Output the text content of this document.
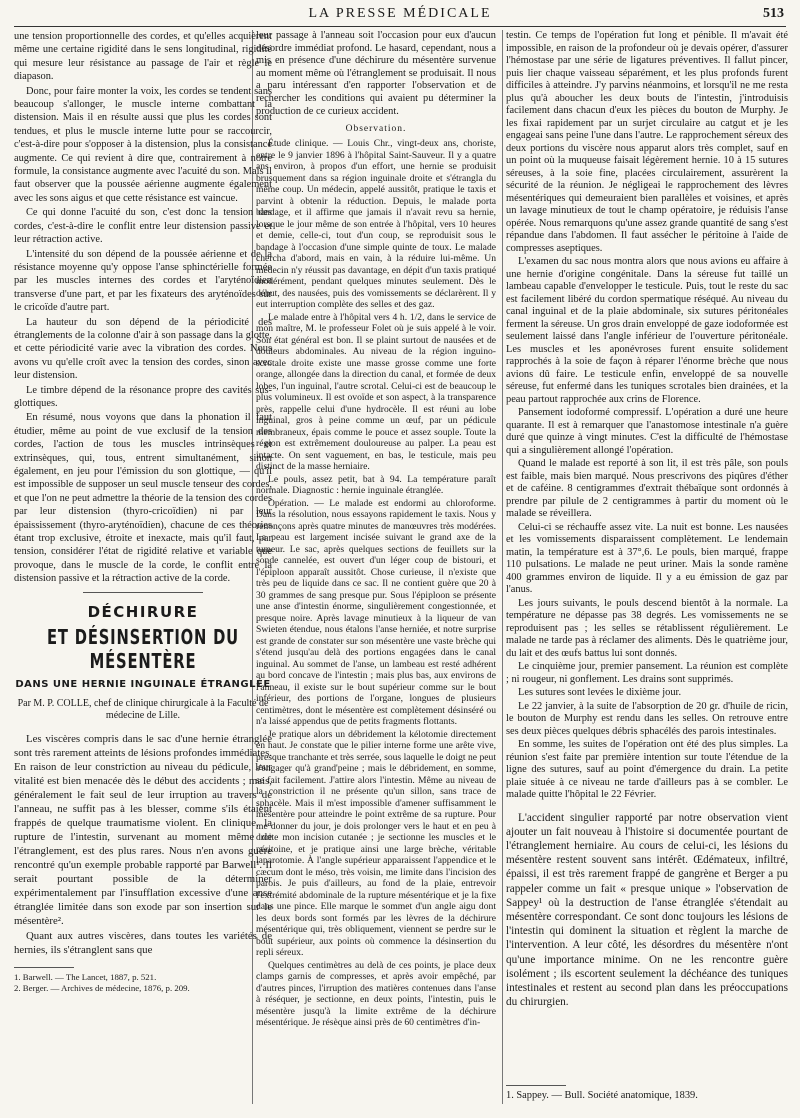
LA PRESSE MÉDICALE	513

une tension proportionnelle des cordes, et qu'elles acquièrent même une certaine rigidité dans le sens longitudinal, rigidité qui mesure leur résistance au passage de l'air et règle le diapason.

Donc, pour faire monter la voix, les cordes se tendent sans beaucoup s'allonger, le muscle interne combattant la distension. Mais il en résulte aussi que plus les cordes sont tendues, et plus le muscle interne lutte pour se raccourcir, c'est-à-dire pour s'opposer à la distension, plus la consistance augmente. Ce qui revient à dire que, contrairement à notre formule, la consistance augmente avec l'acuité du son. Mais il faut observer que la poussée aérienne augmente également avec les sons aigus et que cette résistance est vaincue.

Ce qui donne l'acuité du son, c'est donc la tension des cordes, c'est-à-dire le conflit entre leur distension passive et leur rétraction active.

L'intensité du son dépend de la poussée aérienne et de la résistance moyenne qu'y oppose l'anse sphinctérielle formée par les muscles internes des cordes et l'aryténoïdien transverse d'une part, et par les fixateurs des aryténoïdes sur le cricoïde d'autre part.

La hauteur du son dépend de la périodicité des étranglements de la colonne d'air à son passage dans la glotte, et cette périodicité varie avec la vibration des cordes. Nous avons vu qu'elle croît avec la tension des cordes, sinon avec leur distension.

Le timbre dépend de la résonance propre des cavités sus-glottiques.

En résumé, nous voyons que dans la phonation il faut étudier, même au point de vue exclusif de la tension des cordes, l'action de tous les muscles intrinsèques et extrinsèques, qui, tous, entrent simultanément, sinon également, en jeu pour l'émission du son glottique, — qu'il est impossible de supposer un seul muscle tenseur des cordes, et que l'on ne peut admettre la théorie de la tension des cordes par leur distension (thyro-cricoïdien) ni par leur épaississement (thyro-aryténoïdien), chacune de ces théories étant trop exclusive, étroite et inexacte, mais qu'il faut, par tension, considérer l'état de rigidité relative et variable que provoque, dans le muscle de la corde, le conflit entre la distension passive et la rétraction active de la corde.

DÉCHIRURE
ET DÉSINSERTION DU MÉSENTÈRE
DANS UNE HERNIE INGUINALE ÉTRANGLÉE
Par M. P. COLLE, chef de clinique chirurgicale à la Faculté de médecine de Lille.

Les viscères compris dans le sac d'une hernie étranglée sont très rarement atteints de lésions profondes immédiates. En raison de leur constriction au niveau du pédicule, leur vitalité est bien menacée dès le début des accidents ; mais, généralement le fait seul de leur irruption au travers de l'anneau, ne suffit pas à les blesser, comme s'ils étaient frappés de quelque traumatisme violent. En clinique, la rupture de l'intestin, survenant au moment même de l'étranglement, est des plus rares. Nous n'en avons guère rencontré qu'un exemple probable rapporté par Barwell¹. Il serait pourtant possible de la déterminer expérimentalement par l'insufflation excessive d'une anse étranglée limitée dans son exode par son insertion sur le mésentère².

Quant aux autres viscères, dans toutes les variétés de hernies, ils s'étranglent sans que

1. Barwell. — The Lancet, 1887, p. 521.

2. Berger. — Archives de médecine, 1876, p. 209.

leur passage à l'anneau soit l'occasion pour eux d'aucun désordre immédiat profond. Le hasard, cependant, nous a mis en présence d'une déchirure du mésentère survenue au moment même où l'étranglement se produisait. Il nous a paru intéressant d'en rapporter l'observation et de rechercher les conditions qui avaient pu déterminer la production de ce curieux accident.

Observation.

Étude clinique. — Louis Chr., vingt-deux ans, choriste, entre le 9 janvier 1896 à l'hôpital Saint-Sauveur. Il y a quatre ans environ, à propos d'un effort, une hernie se produisit brusquement dans sa région inguinale droite et s'étrangla du même coup. Un médecin, appelé aussitôt, pratique le taxis et parvint à obtenir la réduction. Depuis, le malade porta bandage, et il affirme que jamais il n'avait revu sa hernie, lorsque le jour même de son entrée à l'hôpital, vers 10 heures et demie, celle-ci, tout d'un coup, se reproduisit sous le bandage à l'occasion d'une simple quinte de toux. Le malade chercha d'abord, mais en vain, à la réduire lui-même. Un médecin n'y réussit pas davantage, en dépit d'un taxis pratiqué modérément, pendant quelques minutes seulement. Dès le début, des nausées, puis des vomissements se déclarèrent. Il y eut interruption complète des selles et des gaz.

Le malade entre à l'hôpital vers 4 h. 1/2, dans le service de mon maître, M. le professeur Folet où je suis appelé à le voir. Son état général est bon. Il se plaint surtout de nausées et de douleurs abdominales. Au niveau de la région inguino-scrotale droite existe une masse grosse comme une forte orange, allongée dans la direction du canal, et formée de deux lobes, l'un inguinal, l'autre scrotal. Celui-ci est de beaucoup le plus volumineux. Il est ovoïde et son aspect, à la transparence près, rappelle celui d'une hydrocèle. Il est réuni au lobe inguinal, gros à peine comme un œuf, par un pédicule membraneux, épais comme le pouce et assez souple. Toute la région est extrêmement douloureuse au palper. La peau est intacte. On sent vaguement, en bas, le testicule, mais peu distinct de la masse herniaire.

Le pouls, assez petit, bat à 94. La température paraît normale. Diagnostic : hernie inguinale étranglée.

Opération. — Le malade est endormi au chloroforme. Dans la résolution, nous essayons rapidement le taxis. Nous y renonçons après quatre minutes de manœuvres très modérées. La peau est largement incisée suivant le grand axe de la tumeur. Le sac, après quelques sections de feuillets sur la sonde cannelée, est ouvert d'un léger coup de bistouri, et l'épiploon apparaît aussitôt. Chose curieuse, il n'existe que très peu de liquide dans ce sac. Il ne contient guère que 20 à 30 grammes de sang presque pur. Sous l'épiploon se présente une anse d'intestin énorme, singulièrement congestionnée, et presque noire. Après lavage minutieux à la liqueur de van Swieten étendue, nous étalons l'anse herniée, et notre surprise est grande de constater sur son mésentère une vaste brèche qui s'étend jusqu'au delà des portions engagées dans le canal inguinal. Au sommet de l'anse, un lambeau est resté adhérent au bord concave de l'intestin ; mais plus bas, aux environs de l'anneau, il existe sur le bout supérieur comme sur le bout inférieur, des portions de l'organe, longues de plusieurs centimètres, dont le mésentère est complètement désinséré ou n'a laissé appendus que de petits fragments flottants.

Je pratique alors un débridement la kélotomie directement en haut. Je constate que le pilier interne forme une arête vive, presque tranchante et très serrée, sous laquelle le doigt ne peut s'engager qu'à grand'peine ; mais le débridement, en somme, se fait facilement. J'attire alors l'intestin. Même au niveau de la constriction il ne présente qu'un sillon, sans trace de sphacèle. Mais il m'est impossible d'amener suffisamment le mésentère pour atteindre le point extrême de sa rupture. Pour me donner du jour, je dois prolonger vers le haut et en peu à droite mon incision cutanée ; je sectionne les muscles et le péritoine, et je pratique ainsi une large brèche, véritable laparotomie. À l'angle supérieur apparaissent l'appendice et le cæcum dont le méso, très voisin, me limite dans l'incision des parois. Je puis d'ailleurs, au fond de la plaie, entrevoir l'extrémité abdominale de la rupture mésentérique et je la fixe dans une pince. Elle marque le sommet d'un angle aigu dont les deux bords sont formés par les lèvres de la déchirure mésentérique qui, très obliquement, viennent se perdre sur le bout supérieur, aux points où commence la désinsertion du repli séreux.

Quelques centimètres au delà de ces points, je place deux clamps garnis de compresses, et après avoir empêché, par d'autres pinces, l'irruption des matières contenues dans l'anse à réséquer, je sectionne, en deux points, l'intestin, puis le mésentère jusqu'à la limite extrême de la déchirure mésentérique. Je résèque ainsi près de 60 centimètres d'in-

testin. Ce temps de l'opération fut long et pénible. Il m'avait été impossible, en raison de la profondeur où je devais opérer, d'assurer l'hémostase par une série de ligatures préventives. Il fallut pincer, puis lier chaque vaisseau séparément, et les plus profonds furent difficiles à atteindre. J'y parvins néanmoins, et lorsqu'il ne me resta plus qu'à aboucher les deux bouts de l'intestin, j'introduisis facilement dans chacun d'eux les pièces du bouton de Murphy. Je les fixai rapidement par un surjet circulaire au catgut et je les engageai sans peine l'une dans l'autre. Le rapprochement séreux des deux portions du viscère nous apparut alors très complet, sauf en un point où la muqueuse faisait légèrement hernie. 10 à 15 sutures séreuses, à la soie fine, placées circulairement, assurèrent la sécurité de la réunion. Je négligeai le rapprochement des lèvres mésentériques qui demeuraient bien parallèles et voisines, et après un lavage minutieux de tout le champ opératoire, je réduisis l'anse opérée. Nous remarquons qu'une assez grande quantité de sang s'est répandue dans l'abdomen. Il faut assécher le péritoine à l'aide de compresses aseptiques.

L'examen du sac nous montra alors que nous avions eu affaire à une hernie d'origine congénitale. Dans la séreuse fut taillé un lambeau capable d'envelopper le testicule. Puis, tout le reste du sac est facilement libéré du cordon spermatique réséqué. Au niveau du canal inguinal et de la plaie abdominale, six sutures péritonéales ferment la séreuse. Un gros drain enveloppé de gaze iodoformée est seulement laissé dans l'angle inférieur de l'ouverture péritonéale. Les muscles et les aponévroses furent ensuite solidement rapprochés à la soie de façon à réparer l'énorme brèche que nous avions dû faire. Le testicule enfin, enveloppé de sa nouvelle séreuse, fut enfermé dans les tuniques scrotales bien drainées, et la peau partout rapprochée aux crins de Florence.

Pansement iodoformé compressif. L'opération a duré une heure quarante. Il est à remarquer que l'anastomose intestinale n'a guère duré que quinze à vingt minutes. C'est la difficulté de l'hémostase qui a singulièrement allongé l'opération.

Quand le malade est reporté à son lit, il est très pâle, son pouls est faible, mais bien marqué. Nous prescrivons des piqûres d'éther et de caféine. 8 centigrammes d'extrait thébaïque sont ordonnés à prendre par pilule de 2 centigrammes à partir du moment où le malade se réveillera.

Celui-ci se réchauffe assez vite. La nuit est bonne. Les nausées et les vomissements disparaissent complètement. Le lendemain matin, la température est à 37°,6. Le pouls, bien marqué, frappe 110 pulsations. Le malade ne peut uriner. Mais la sonde ramène 400 grammes environ de liquide. Il y a eu émission de gaz par l'anus.

Les jours suivants, le pouls descend bientôt à la normale. La température ne dépasse pas 38 degrés. Les vomissements ne se reproduisent pas ; les selles se rétablissent régulièrement. Le malade ne tarde pas à réclamer des aliments. Dès le quatrième jour, du lait et des œufs battus lui sont donnés.

Le cinquième jour, premier pansement. La réunion est complète ; ni rougeur, ni gonflement. Les drains sont supprimés.

Les sutures sont levées le dixième jour.

Le 22 janvier, à la suite de l'absorption de 20 gr. d'huile de ricin, le bouton de Murphy est rendu dans les selles. On retrouve entre ses deux pièces quelques débris sphacélés des parois intestinales.

En somme, les suites de l'opération ont été des plus simples. La réunion s'est faite par première intention sur toute l'étendue de la ligne des sutures, sauf au point d'émergence du drain. La petite plaie située à ce niveau ne tarde d'ailleurs pas à se combler. Le malade quitte l'hôpital le 22 Février.

L'accident singulier rapporté par notre observation vient ajouter un fait nouveau à l'histoire si documentée pourtant de l'étranglement herniaire. Au cours de celui-ci, les lésions du mésentère restent souvent sans intérêt. Œdémateux, infiltré, épaissi, il est très rarement frappé de gangrène et Berger a pu rappeler comme un fait « presque unique » l'observation de Sappey¹ où la destruction de l'anse étranglée s'étendait au mésentère correspondant. Ce sont donc toujours les lésions de l'intestin qui dominent la situation et règlent la marche de l'intervention. A leur côté, les désordres du mésentère n'ont qu'une importance minime. On ne les rencontre guère isolément ; ils escortent seulement la déchéance des tuniques intestinales et restent au second plan dans les préoccupations du chirurgien.

1. Sappey. — Bull. Société anatomique, 1839.
